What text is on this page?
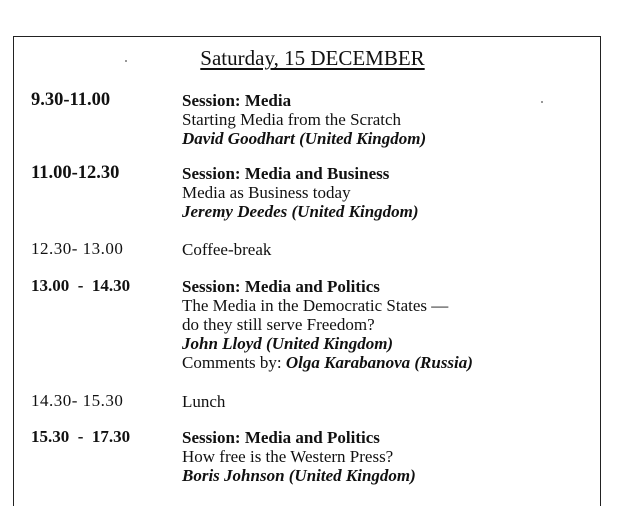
Saturday, 15 DECEMBER
9.30-11.00	Session: Media
Starting Media from the Scratch
David Goodhart (United Kingdom)
11.00-12.30	Session: Media and Business
Media as Business today
Jeremy Deedes (United Kingdom)
12.30- 13.00	Coffee-break
13.00  -  14.30	Session: Media and Politics
The Media in the Democratic States —
do they still serve Freedom?
John Lloyd (United Kingdom)
Comments by: Olga Karabanova (Russia)
14.30- 15.30	Lunch
15.30  -  17.30	Session: Media and Politics
How free is the Western Press?
Boris Johnson (United Kingdom)
